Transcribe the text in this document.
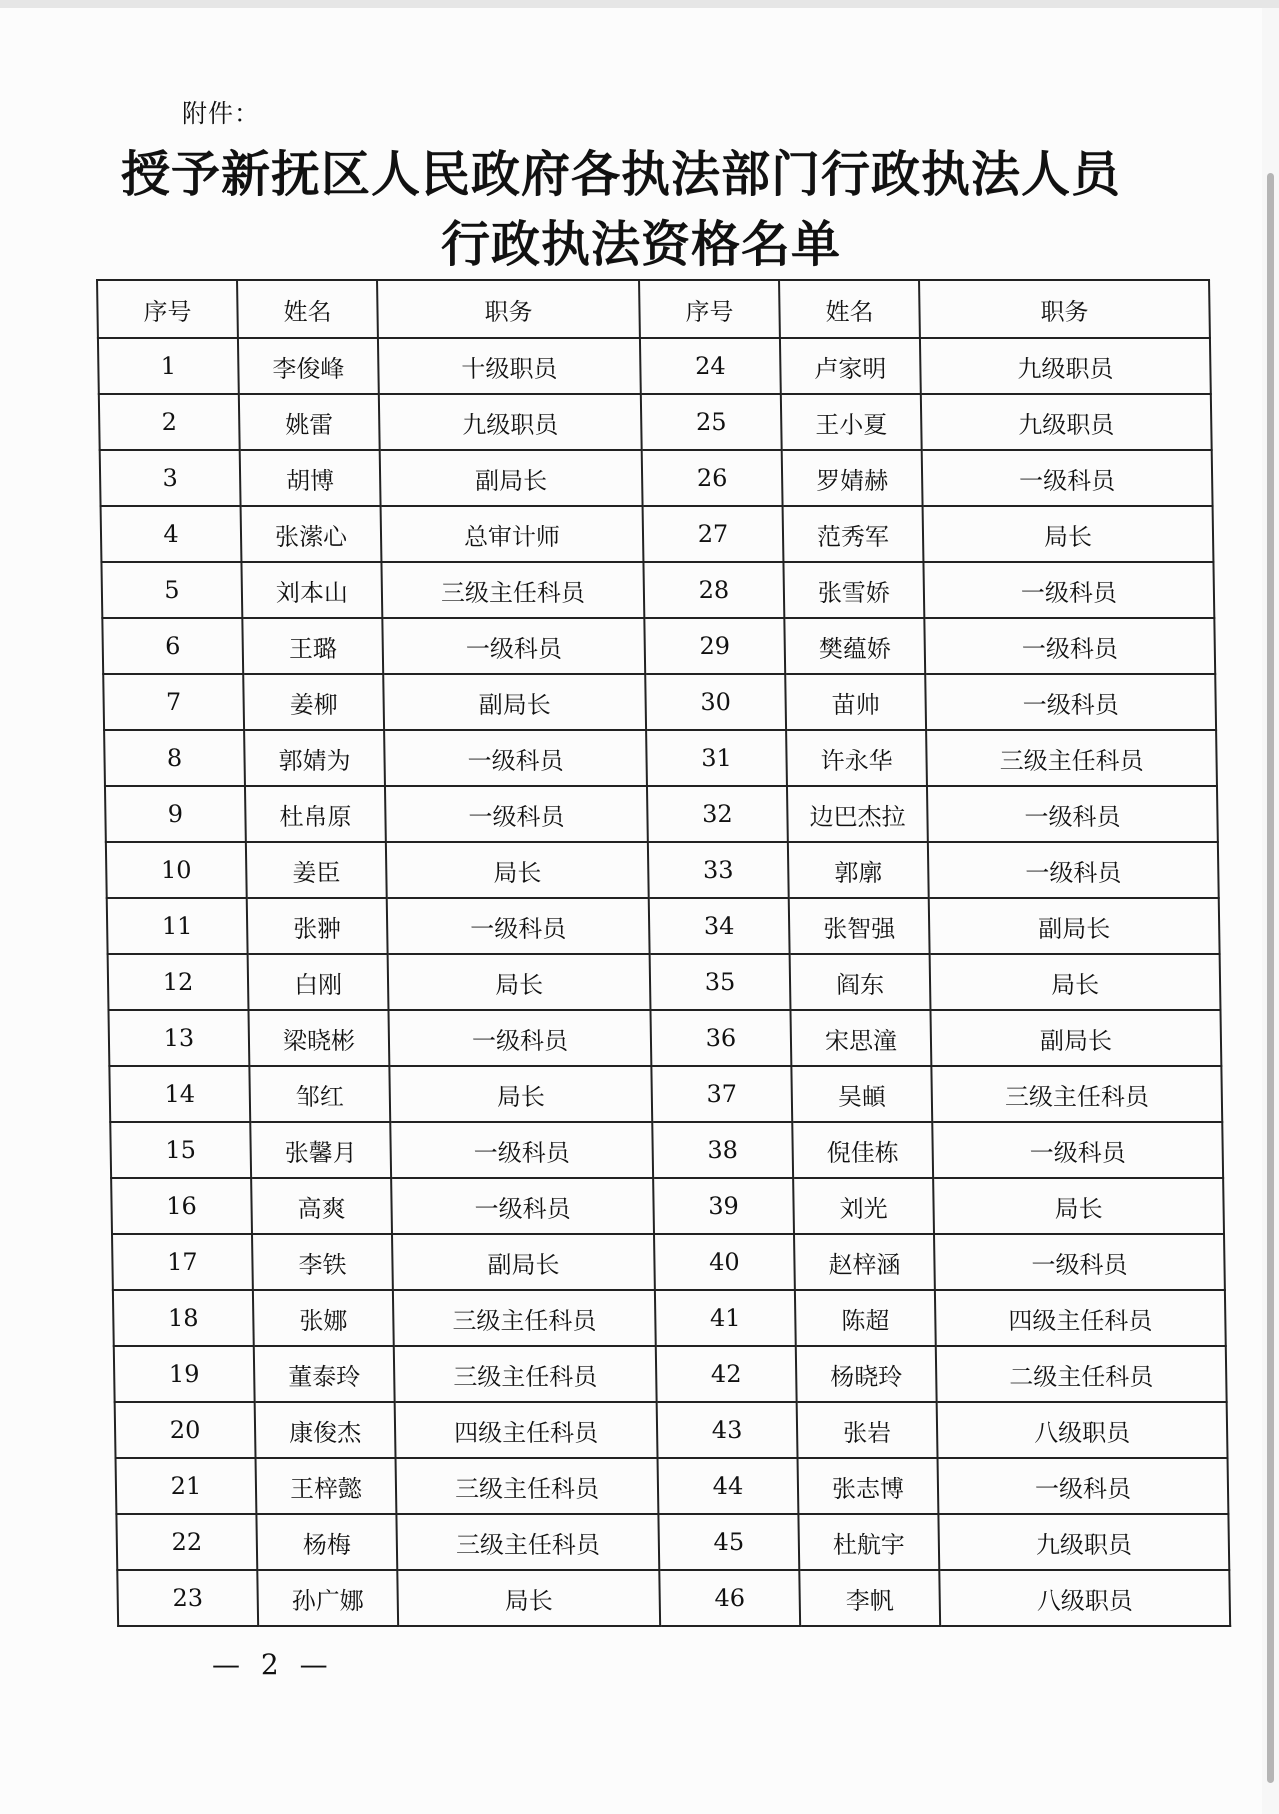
附件：
授予新抚区人民政府各执法部门行政执法人员
行政执法资格名单
序号	姓名	职务	序号	姓名	职务
1	李俊峰	十级职员	24	卢家明	九级职员
2	姚雷	九级职员	25	王小夏	九级职员
3	胡博	副局长	26	罗婧赫	一级科员
4	张潆心	总审计师	27	范秀军	局长
5	刘本山	三级主任科员	28	张雪娇	一级科员
6	王璐	一级科员	29	樊蕴娇	一级科员
7	姜柳	副局长	30	苗帅	一级科员
8	郭婧为	一级科员	31	许永华	三级主任科员
9	杜帛原	一级科员	32	边巴杰拉	一级科员
10	姜臣	局长	33	郭廓	一级科员
11	张翀	一级科员	34	张智强	副局长
12	白刚	局长	35	阎东	局长
13	梁晓彬	一级科员	36	宋思潼	副局长
14	邹红	局长	37	吴頔	三级主任科员
15	张馨月	一级科员	38	倪佳栋	一级科员
16	高爽	一级科员	39	刘光	局长
17	李铁	副局长	40	赵梓涵	一级科员
18	张娜	三级主任科员	41	陈超	四级主任科员
19	董泰玲	三级主任科员	42	杨晓玲	二级主任科员
20	康俊杰	四级主任科员	43	张岩	八级职员
21	王梓懿	三级主任科员	44	张志博	一级科员
22	杨梅	三级主任科员	45	杜航宇	九级职员
23	孙广娜	局长	46	李帆	八级职员
— 2 —
